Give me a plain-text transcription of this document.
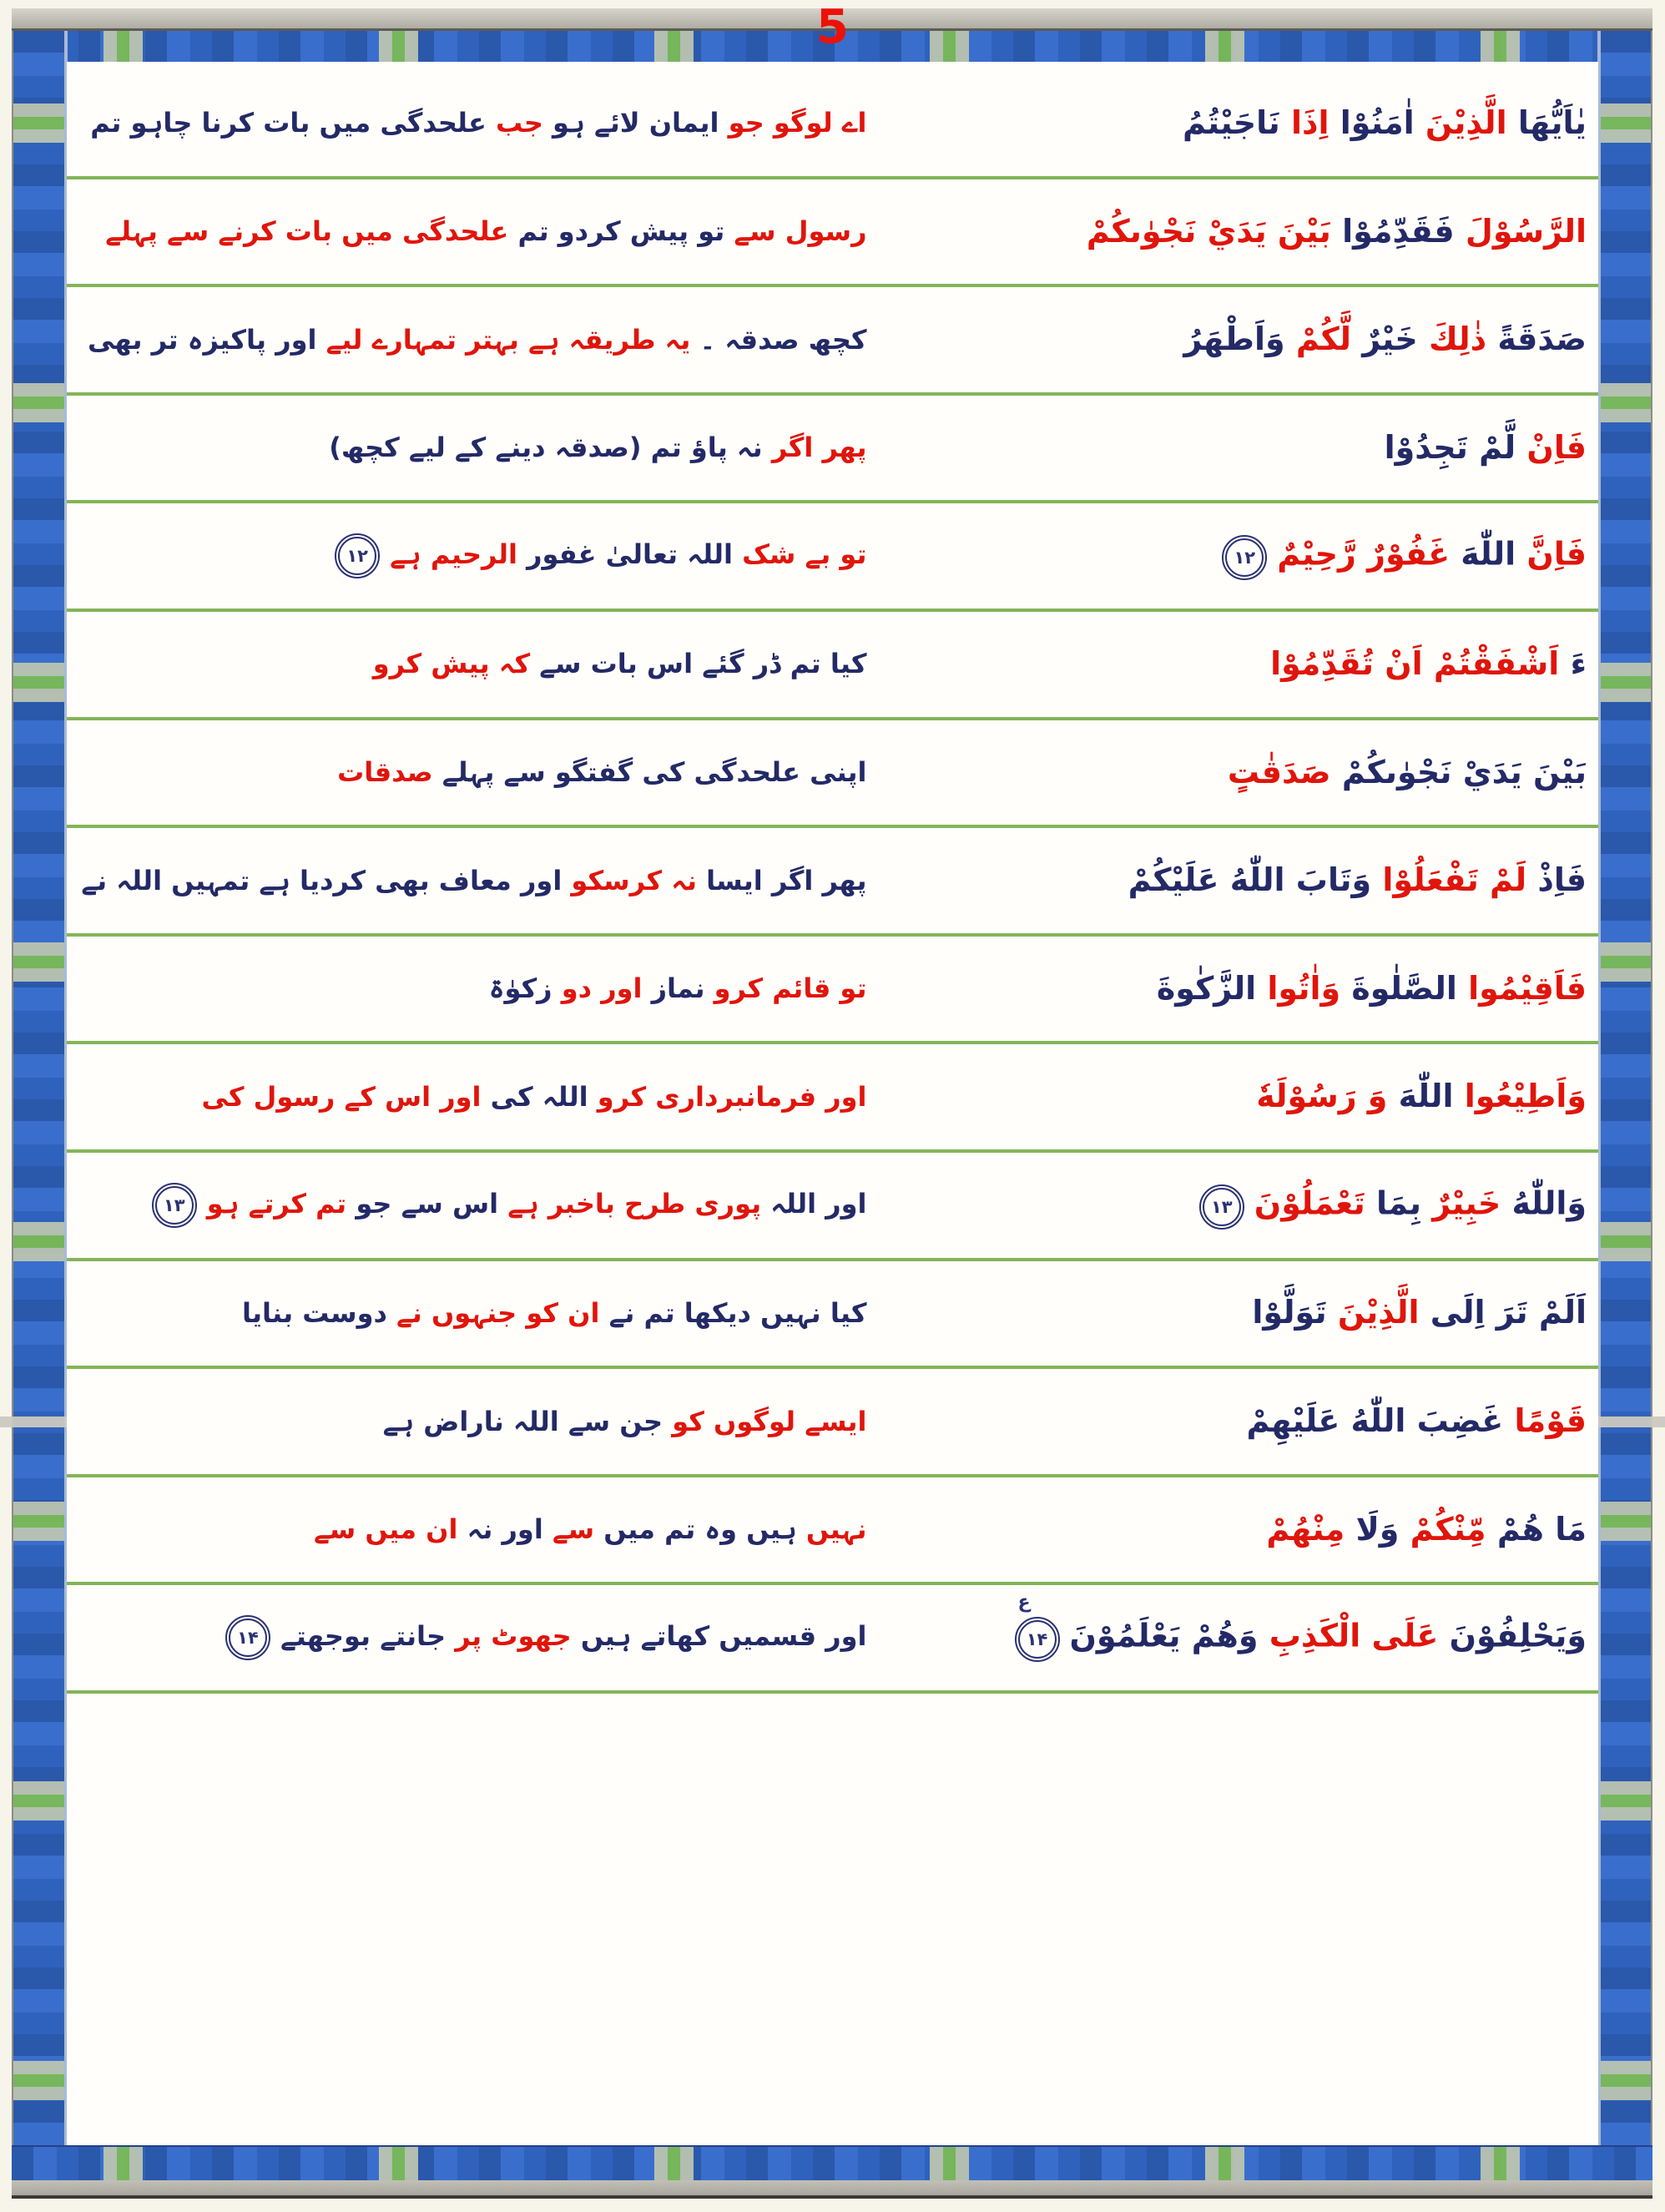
5
يٰاَيُّهَا الَّذِيْنَ اٰمَنُوْا اِذَا نَاجَيْتُمُ
اے لوگو جو ایمان لائے ہو جب علحدگی میں بات کرنا چاہو تم
الرَّسُوْلَ فَقَدِّمُوْا بَيْنَ يَدَيْ نَجْوٰىكُمْ
رسول سے تو پیش کردو تم علحدگی میں بات کرنے سے پہلے
صَدَقَةً ذٰلِكَ خَيْرٌ لَّكُمْ وَاَطْهَرُ
کچھ صدقہ ۔ یہ طریقہ ہے بہتر تمہارے لیے اور پاکیزہ تر بھی
فَاِنْ لَّمْ تَجِدُوْا
پھر اگر نہ پاؤ تم (صدقہ دینے کے لیے کچھ)
فَاِنَّ اللّٰهَ غَفُوْرٌ رَّحِيْمٌ۱۲
تو بے شک اللہ تعالیٰ غفور الرحیم ہے۱۲
ءَ اَشْفَقْتُمْ اَنْ تُقَدِّمُوْا
کیا تم ڈر گئے اس بات سے کہ پیش کرو
بَيْنَ يَدَيْ نَجْوٰىكُمْ صَدَقٰتٍ
اپنی علحدگی کی گفتگو سے پہلے صدقات
فَاِذْ لَمْ تَفْعَلُوْا وَتَابَ اللّٰهُ عَلَيْكُمْ
پھر اگر ایسا نہ کرسکو اور معاف بھی کردیا ہے تمہیں اللہ نے
فَاَقِيْمُوا الصَّلٰوةَ وَاٰتُوا الزَّكٰوةَ
تو قائم کرو نماز اور دو زکوٰۃ
وَاَطِيْعُوا اللّٰهَ وَ رَسُوْلَهٗ
اور فرمانبرداری کرو اللہ کی اور اس کے رسول کی
وَاللّٰهُ خَبِيْرٌ بِمَا تَعْمَلُوْنَ۱۳
اور اللہ پوری طرح باخبر ہے اس سے جو تم کرتے ہو۱۳
اَلَمْ تَرَ اِلَى الَّذِيْنَ تَوَلَّوْا
کیا نہیں دیکھا تم نے ان کو جنہوں نے دوست بنایا
قَوْمًا غَضِبَ اللّٰهُ عَلَيْهِمْ
ایسے لوگوں کو جن سے اللہ ناراض ہے
مَا هُمْ مِّنْكُمْ وَلَا مِنْهُمْ
نہیں ہیں وہ تم میں سے اور نہ ان میں سے
وَيَحْلِفُوْنَ عَلَى الْكَذِبِ وَهُمْ يَعْلَمُوْنَ
ع
۱۴
اور قسمیں کھاتے ہیں جھوٹ پر جانتے بوجھتے۱۴
